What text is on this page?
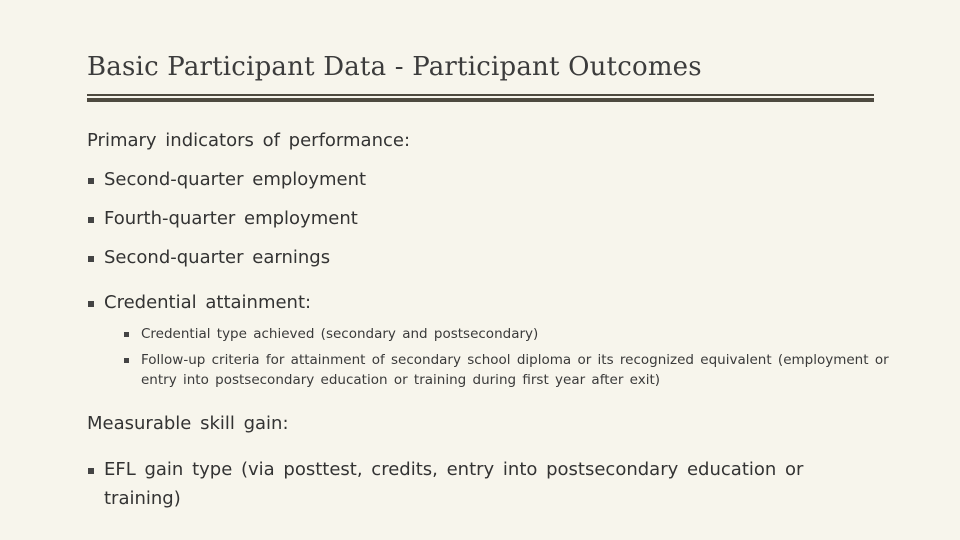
Basic Participant Data - Participant Outcomes
Primary indicators of performance:
Second-quarter employment
Fourth-quarter employment
Second-quarter earnings
Credential attainment:
Credential type achieved (secondary and postsecondary)
Follow-up criteria for attainment of secondary school diploma or its recognized equivalent (employment or
entry into postsecondary education or training during first year after exit)
Measurable skill gain:
EFL gain type (via posttest, credits, entry into postsecondary education or
training)
